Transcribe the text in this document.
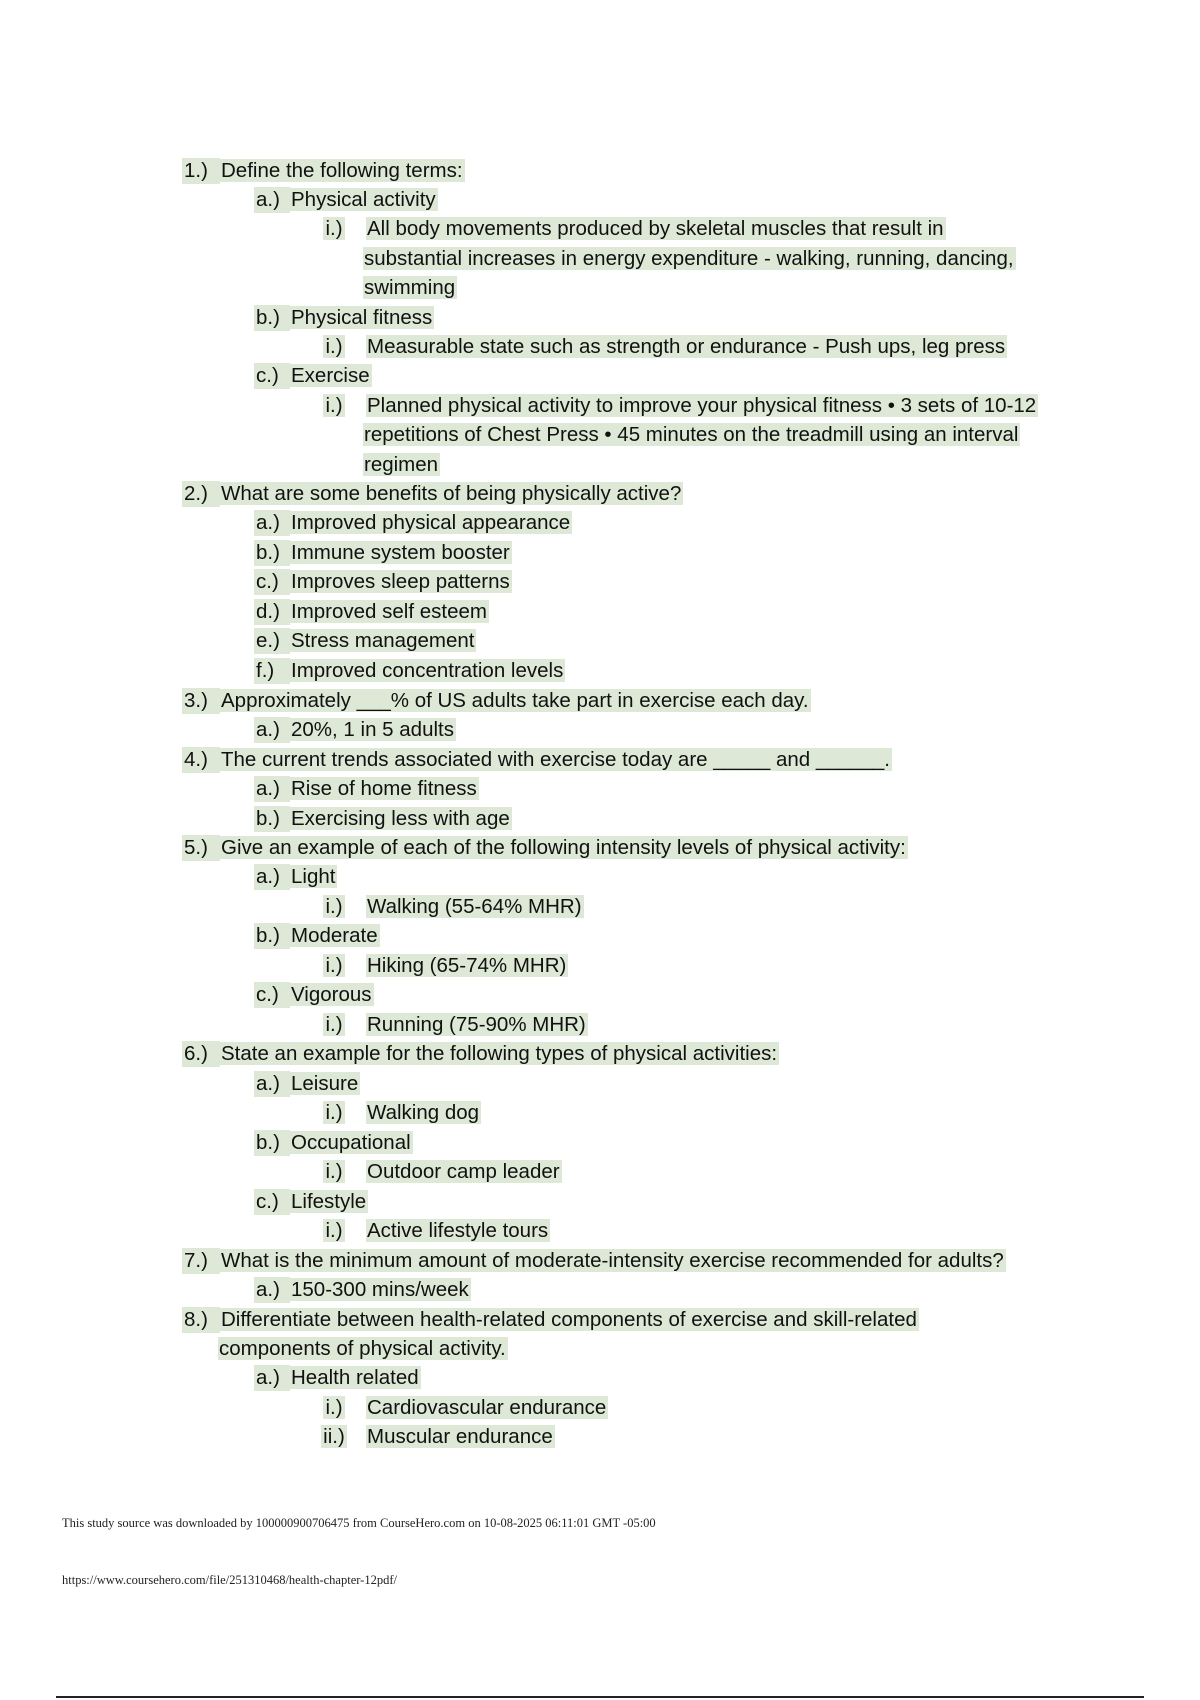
1.) Define the following terms:
a.) Physical activity
i.) All body movements produced by skeletal muscles that result in
substantial increases in energy expenditure - walking, running, dancing,
swimming
b.) Physical fitness
i.) Measurable state such as strength or endurance - Push ups, leg press
c.) Exercise
i.) Planned physical activity to improve your physical fitness • 3 sets of 10-12
repetitions of Chest Press • 45 minutes on the treadmill using an interval
regimen
2.) What are some benefits of being physically active?
a.) Improved physical appearance
b.) Immune system booster
c.) Improves sleep patterns
d.) Improved self esteem
e.) Stress management
f.) Improved concentration levels
3.) Approximately ___% of US adults take part in exercise each day.
a.) 20%, 1 in 5 adults
4.) The current trends associated with exercise today are _____ and ______.
a.) Rise of home fitness
b.) Exercising less with age
5.) Give an example of each of the following intensity levels of physical activity:
a.) Light
i.) Walking (55-64% MHR)
b.) Moderate
i.) Hiking (65-74% MHR)
c.) Vigorous
i.) Running (75-90% MHR)
6.) State an example for the following types of physical activities:
a.) Leisure
i.) Walking dog
b.) Occupational
i.) Outdoor camp leader
c.) Lifestyle
i.) Active lifestyle tours
7.) What is the minimum amount of moderate-intensity exercise recommended for adults?
a.) 150-300 mins/week
8.) Differentiate between health-related components of exercise and skill-related
components of physical activity.
a.) Health related
i.) Cardiovascular endurance
ii.) Muscular endurance
This study source was downloaded by 100000900706475 from CourseHero.com on 10-08-2025 06:11:01 GMT -05:00
https://www.coursehero.com/file/251310468/health-chapter-12pdf/
